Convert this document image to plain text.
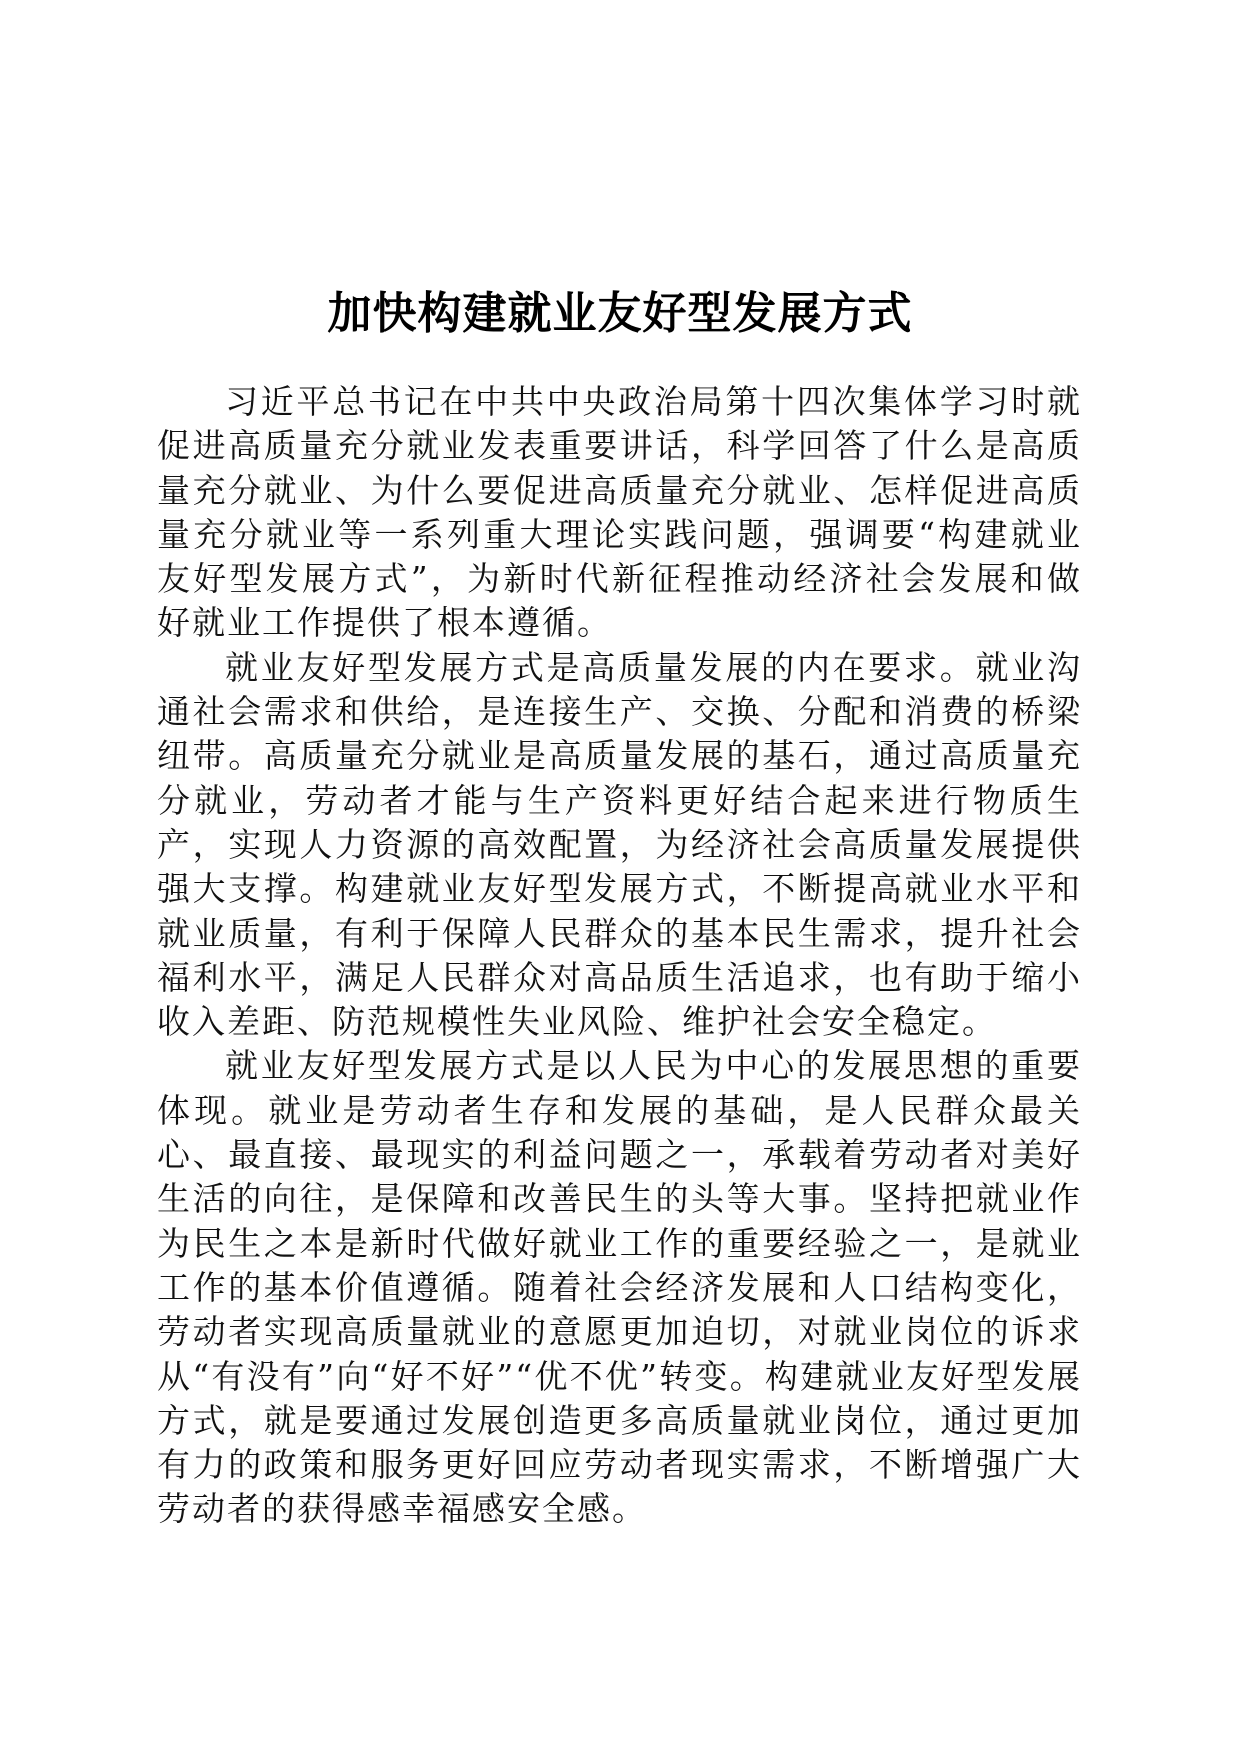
加快构建就业友好型发展方式

习近平总书记在中共中央政治局第十四次集体学习时就促进高质量充分就业发表重要讲话，科学回答了什么是高质量充分就业、为什么要促进高质量充分就业、怎样促进高质量充分就业等一系列重大理论实践问题，强调要“构建就业友好型发展方式”，为新时代新征程推动经济社会发展和做好就业工作提供了根本遵循。

就业友好型发展方式是高质量发展的内在要求。就业沟通社会需求和供给，是连接生产、交换、分配和消费的桥梁纽带。高质量充分就业是高质量发展的基石，通过高质量充分就业，劳动者才能与生产资料更好结合起来进行物质生产，实现人力资源的高效配置，为经济社会高质量发展提供强大支撑。构建就业友好型发展方式，不断提高就业水平和就业质量，有利于保障人民群众的基本民生需求，提升社会福利水平，满足人民群众对高品质生活追求，也有助于缩小收入差距、防范规模性失业风险、维护社会安全稳定。

就业友好型发展方式是以人民为中心的发展思想的重要体现。就业是劳动者生存和发展的基础，是人民群众最关心、最直接、最现实的利益问题之一，承载着劳动者对美好生活的向往，是保障和改善民生的头等大事。坚持把就业作为民生之本是新时代做好就业工作的重要经验之一，是就业工作的基本价值遵循。随着社会经济发展和人口结构变化，劳动者实现高质量就业的意愿更加迫切，对就业岗位的诉求从“有没有”向“好不好”“优不优”转变。构建就业友好型发展方式，就是要通过发展创造更多高质量就业岗位，通过更加有力的政策和服务更好回应劳动者现实需求，不断增强广大劳动者的获得感幸福感安全感。
